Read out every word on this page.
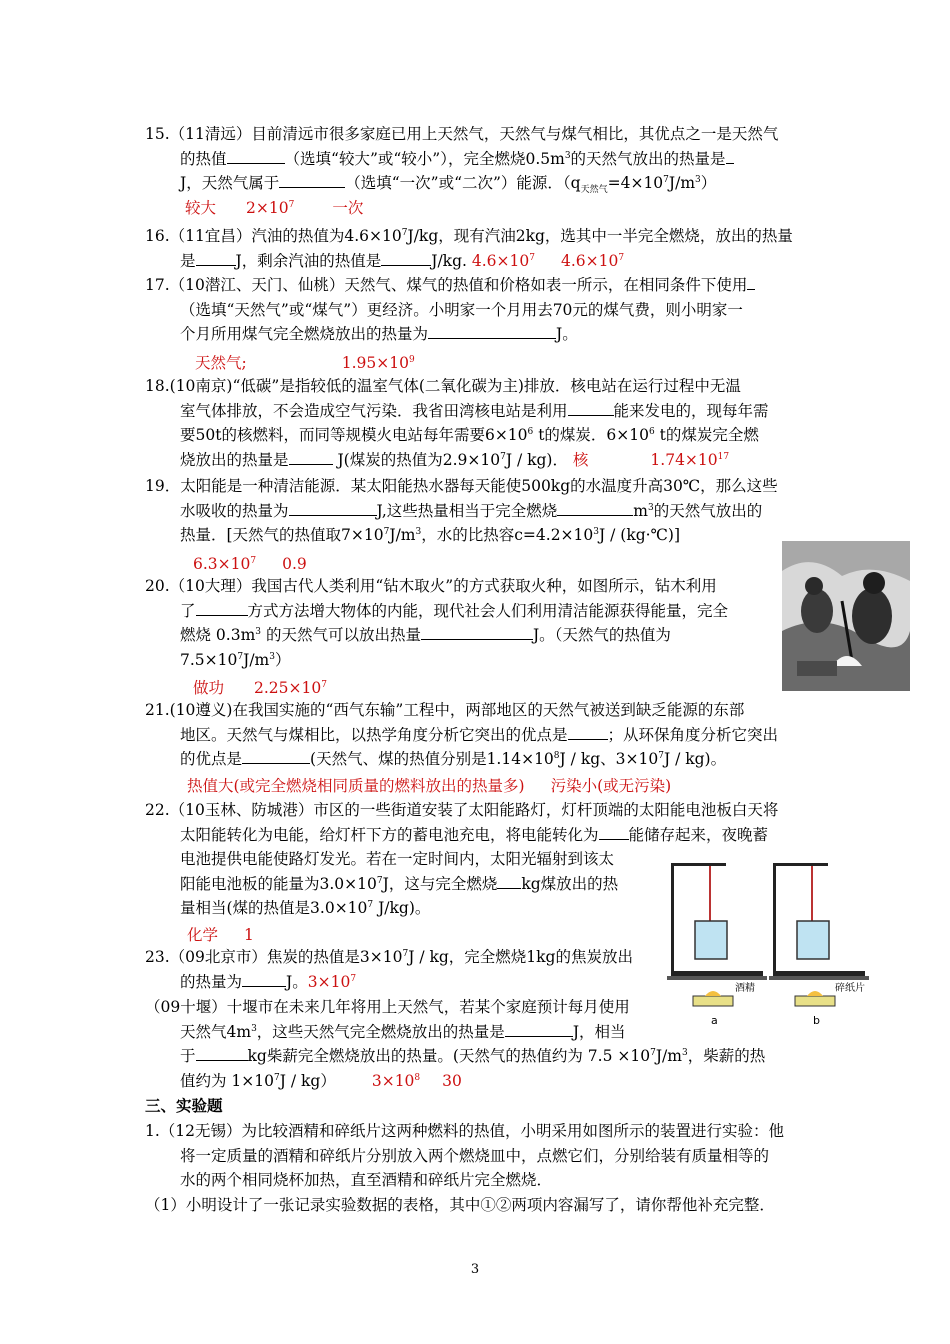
15.（11清远）目前清远市很多家庭已用上天然气，天然气与煤气相比，其优点之一是天然气
的热值	（选填“较大”或“较小”），完全燃烧$0.5m^3$的天然气放出的热量是
J，天然气属于	（选填“一次”或“二次”）能源．$(q_{天然气}=4\times 10^7J/m^3)$
较大 $2\times 10^7$ 一次
16.（11宜昌）汽油的热值为$4.6\times 10^7J/kg$，现有汽油2kg，选其中一半完全燃烧，放出的热量
是	J，剩余汽油的热值是	J/kg. $4.6\times 10^7$ $4.6\times 10^7$
17.（10潜江、天门、仙桃）天然气、煤气的热值和价格如表一所示，在相同条件下使用
（选填“天然气”或“煤气”）更经济。小明家一个月用去70元的煤气费，则小明家一
个月所用煤气完全燃烧放出的热量为	J。
天然气;	$1.95\times 10^9$
18.(10南京)“低碳”是指较低的温室气体(二氧化碳为主)排放．核电站在运行过程中无温
室气体排放，不会造成空气污染．我省田湾核电站是利用	能来发电的，现每年需
要50t的核燃料，而同等规模火电站每年需要$6\times 10^6$ t的煤炭．$6\times 10^6$ t的煤炭完全燃
烧放出的热量是	J(煤炭的热值为$2.9\times 10^7J / kg$)． 核	$1.74\times 10^{17}$
19．太阳能是一种清洁能源．某太阳能热水器每天能使500kg的水温度升高30℃，那么这些
水吸收的热量为	J,这些热量相当于完全燃烧	$m^3$的天然气放出的
热量．[天然气的热值取$7\times 10^7J/m^3$，水的比热容$c=4.2\times 10^3J$ / (kg·℃)]
$6.3\times 10^7$ 0.9
20.（10大理）我国古代人类利用“钻木取火”的方式获取火种，如图所示，钻木利用
了	方式方法增大物体的内能，现代社会人们利用清洁能源获得能量，完全
燃烧 $0.3m^3$ 的天然气可以放出热量	J。（天然气的热值为
$7.5\times 10^7J/m^3$）
做功 $2.25\times 10^7$
21.(10遵义)在我国实施的“西气东输”工程中，两部地区的天然气被送到缺乏能源的东部
地区。天然气与煤相比，以热学角度分析它突出的优点是	；从环保角度分析它突出
的优点是	(天然气、煤的热值分别是$1.14\times 10^8J$ / kg、$3\times 10^7J / kg$)。
热值大(或完全燃烧相同质量的燃料放出的热量多) 污染小(或无污染)
22.（10玉林、防城港）市区的一些街道安装了太阳能路灯，灯杆顶端的太阳能电池板白天将
太阳能转化为电能，给灯杆下方的蓄电池充电，将电能转化为 能储存起来，夜晚蓄
电池提供电能使路灯发光。若在一定时间内，太阳光辐射到该太
阳能电池板的能量为$3.0\times 10^7J$，这与完全燃烧 kg煤放出的热
量相当(煤的热值是$3.0\times 10^7$ J/kg)。
化学 1
23.（09北京市）焦炭的热值是$3\times 10^7J$ / kg，完全燃烧1kg的焦炭放出
的热量为	J。$3\times 10^7$
（09十堰）十堰市在未来几年将用上天然气，若某个家庭预计每月使用
天然气$4m^3$，这些天然气完全燃烧放出的热量是	J，相当
于	kg柴薪完全燃烧放出的热量。(天然气的热值约为 $7.5 \times 10^7J/m^3$，柴薪的热
值约为 $1\times 10^7J / kg$） $3\times 10^8$ 30
酒精	碎纸片
a	b
三、实验题
1.（12无锡）为比较酒精和碎纸片这两种燃料的热值，小明采用如图所示的装置进行实验：他
将一定质量的酒精和碎纸片分别放入两个燃烧皿中，点燃它们，分别给装有质量相等的
水的两个相同烧杯加热，直至酒精和碎纸片完全燃烧．
（1）小明设计了一张记录实验数据的表格，其中①②两项内容漏写了，请你帮他补充完整．
3
